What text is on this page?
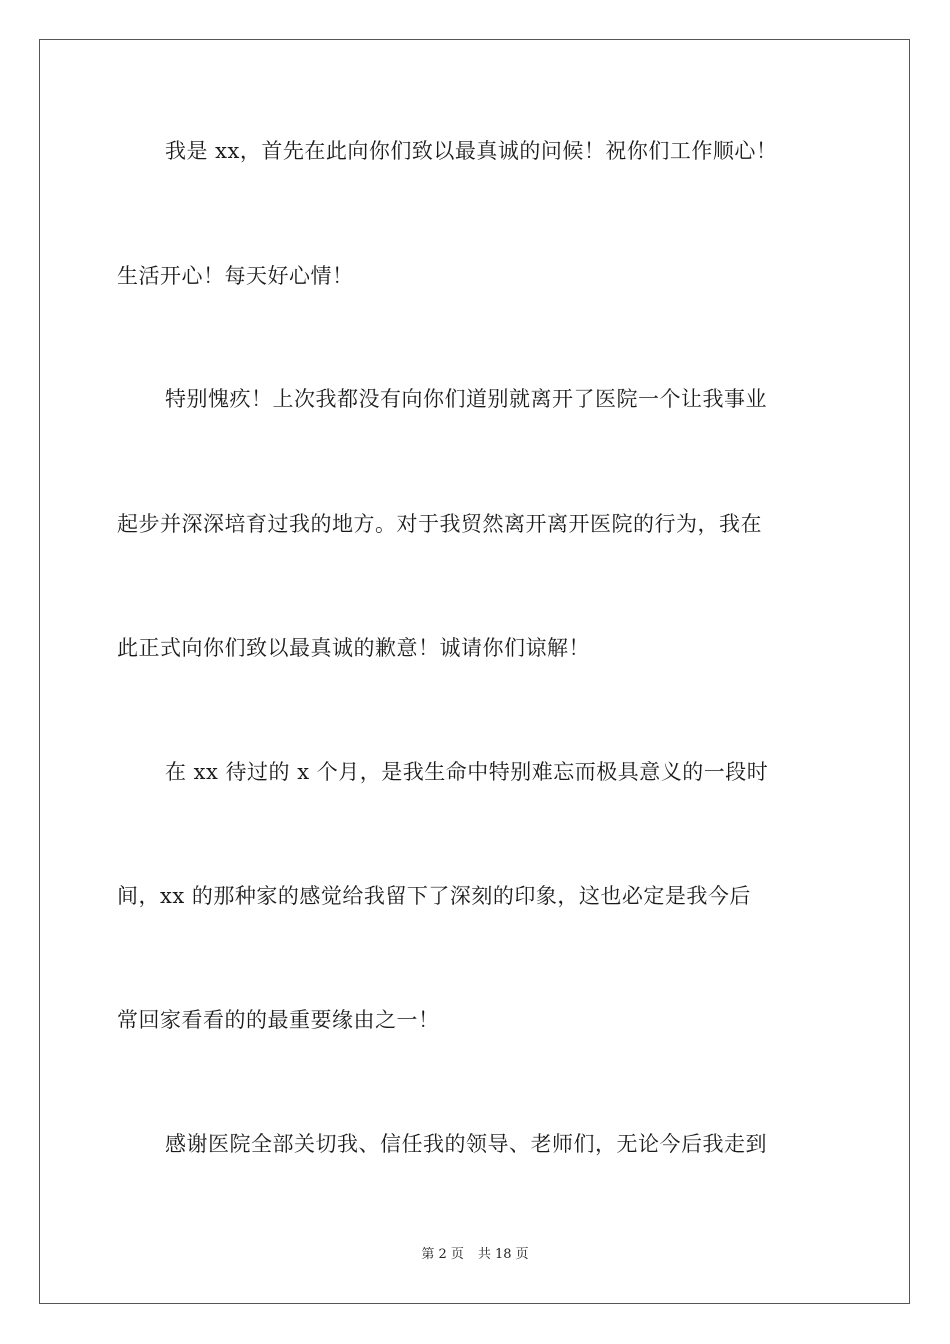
我是 xx，首先在此向你们致以最真诚的问候！祝你们工作顺心！
生活开心！每天好心情！
特别愧疚！上次我都没有向你们道别就离开了医院一个让我事业
起步并深深培育过我的地方。对于我贸然离开离开医院的行为，我在
此正式向你们致以最真诚的歉意！诚请你们谅解！
在 xx 待过的 x 个月，是我生命中特别难忘而极具意义的一段时
间，xx 的那种家的感觉给我留下了深刻的印象，这也必定是我今后
常回家看看的的最重要缘由之一！
感谢医院全部关切我、信任我的领导、老师们，无论今后我走到
第 2 页 共 18 页
